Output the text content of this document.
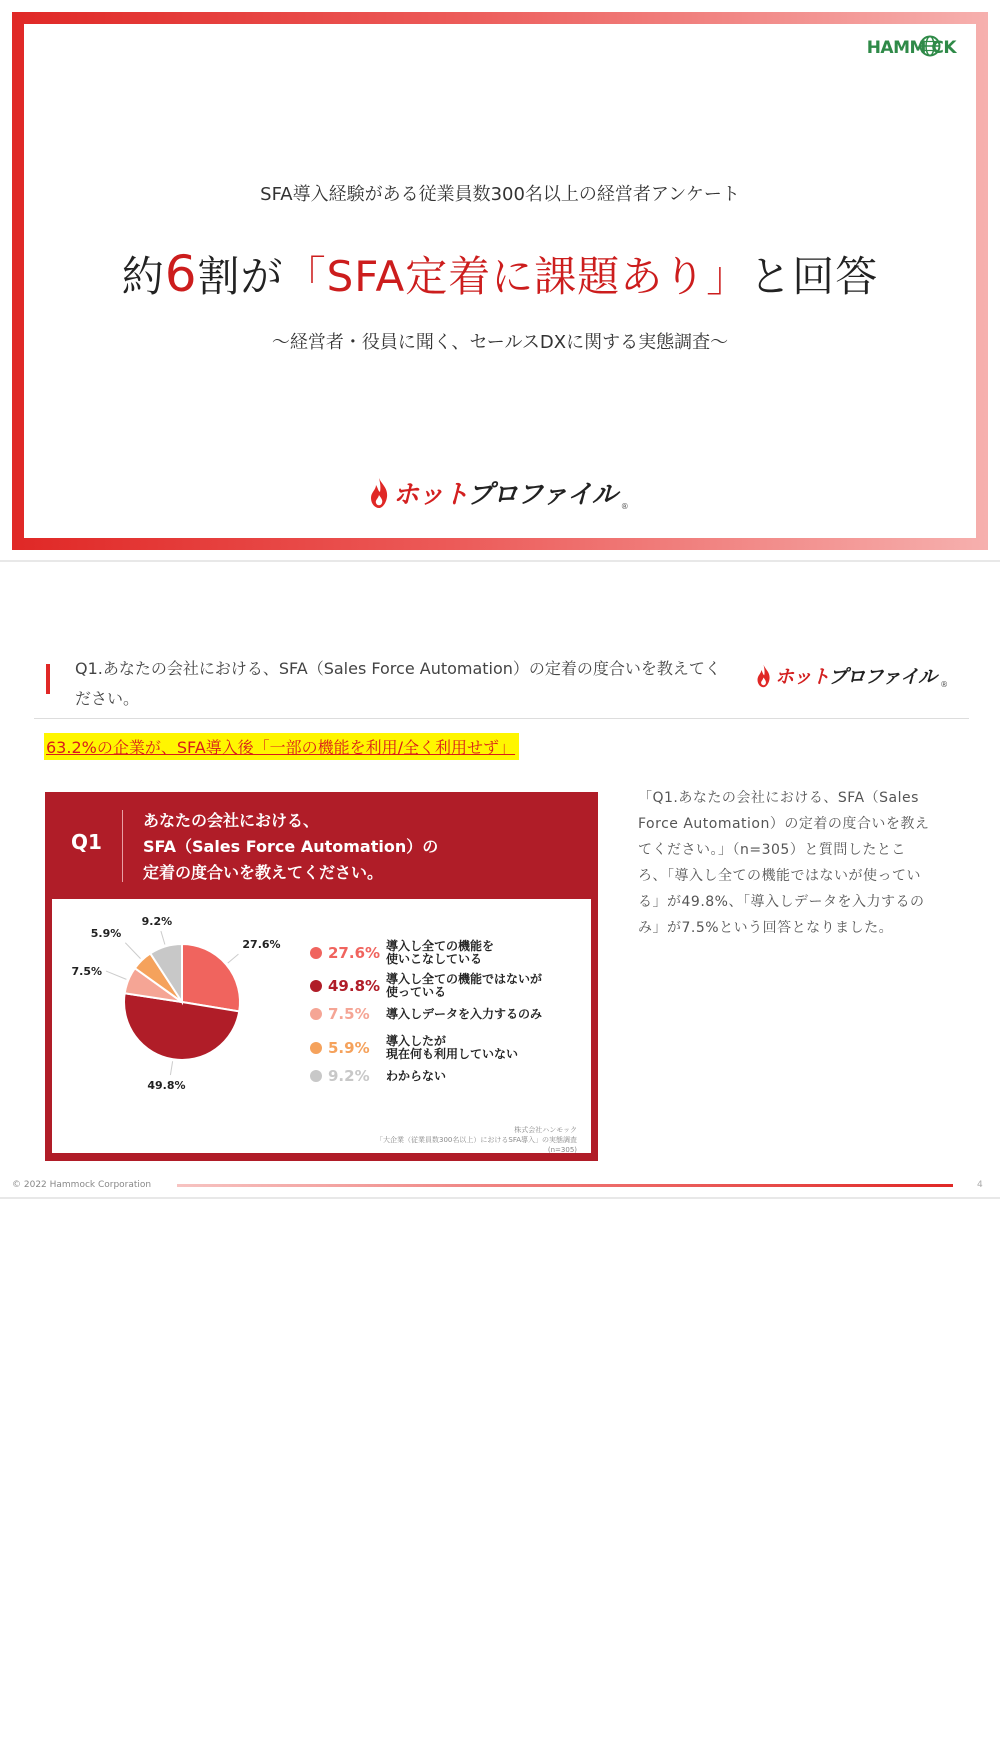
HAMM CK
SFA導入経験がある従業員数300名以上の経営者アンケート
約6割が「SFA定着に課題あり」と回答
〜経営者・役員に聞く、セールスDXに関する実態調査〜
ホットプロファイル ®
Q1.あなたの会社における、SFA（Sales Force Automation）の定着の度合いを教えてください。
ホットプロファイル ®
63.2%の企業が、SFA導入後「一部の機能を利用/全く利用せず」
Q1
あなたの会社における、
SFA（Sales Force Automation）の
定着の度合いを教えてください。
27.6%
49.8%
7.5%
5.9%
9.2%
27.6% 導入し全ての機能を
使いこなしている
49.8% 導入し全ての機能ではないが
使っている
7.5%	導入しデータを入力するのみ
5.9%	導入したが
現在何も利用していない
9.2%	わからない
株式会社ハンモック
「大企業（従業員数300名以上）におけるSFA導入」の実態調査
(n=305)
「Q1.あなたの会社における、SFA（Sales Force Automation）の定着の度合いを教えてください。」（n=305）と質問したところ、「導入し全ての機能ではないが使っている」が49.8%、「導入しデータを入力するのみ」が7.5%という回答となりました。
© 2022 Hammock Corporation	4
